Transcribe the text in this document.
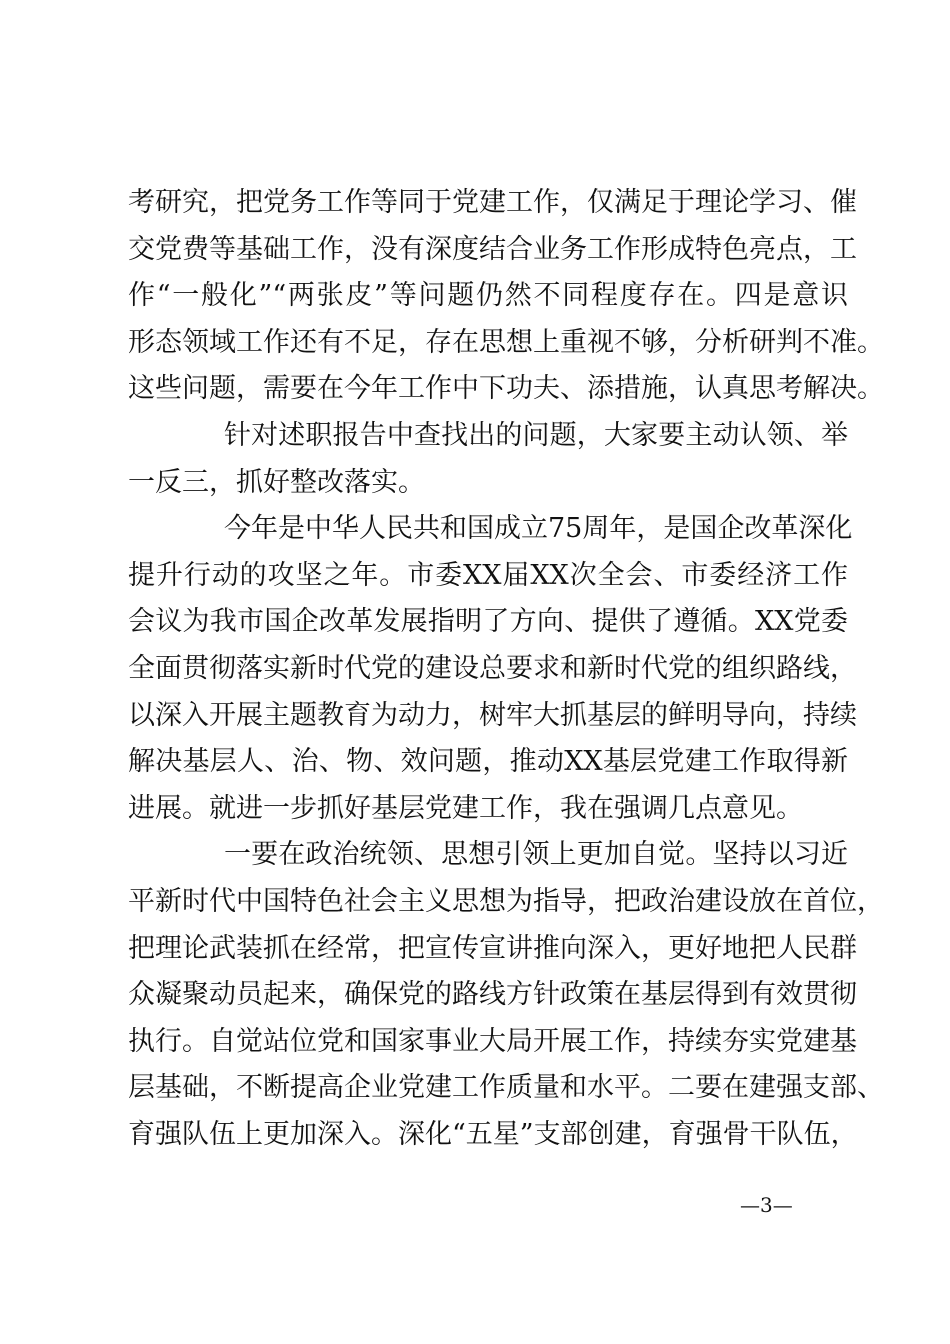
考研究，把党务工作等同于党建工作，仅满足于理论学习、催
交党费等基础工作，没有深度结合业务工作形成特色亮点，工
作“一般化”“两张皮”等问题仍然不同程度存在。四是意识
形态领域工作还有不足，存在思想上重视不够，分析研判不准。
这些问题，需要在今年工作中下功夫、添措施，认真思考解决。
针对述职报告中查找出的问题，大家要主动认领、举
一反三，抓好整改落实。
今年是中华人民共和国成立75周年，是国企改革深化
提升行动的攻坚之年。市委XX届XX次全会、市委经济工作
会议为我市国企改革发展指明了方向、提供了遵循。XX党委
全面贯彻落实新时代党的建设总要求和新时代党的组织路线，
以深入开展主题教育为动力，树牢大抓基层的鲜明导向，持续
解决基层人、治、物、效问题，推动XX基层党建工作取得新
进展。就进一步抓好基层党建工作，我在强调几点意见。
一要在政治统领、思想引领上更加自觉。坚持以习近
平新时代中国特色社会主义思想为指导，把政治建设放在首位，
把理论武装抓在经常，把宣传宣讲推向深入，更好地把人民群
众凝聚动员起来，确保党的路线方针政策在基层得到有效贯彻
执行。自觉站位党和国家事业大局开展工作，持续夯实党建基
层基础，不断提高企业党建工作质量和水平。二要在建强支部、
育强队伍上更加深入。深化“五星”支部创建，育强骨干队伍，
—3—
